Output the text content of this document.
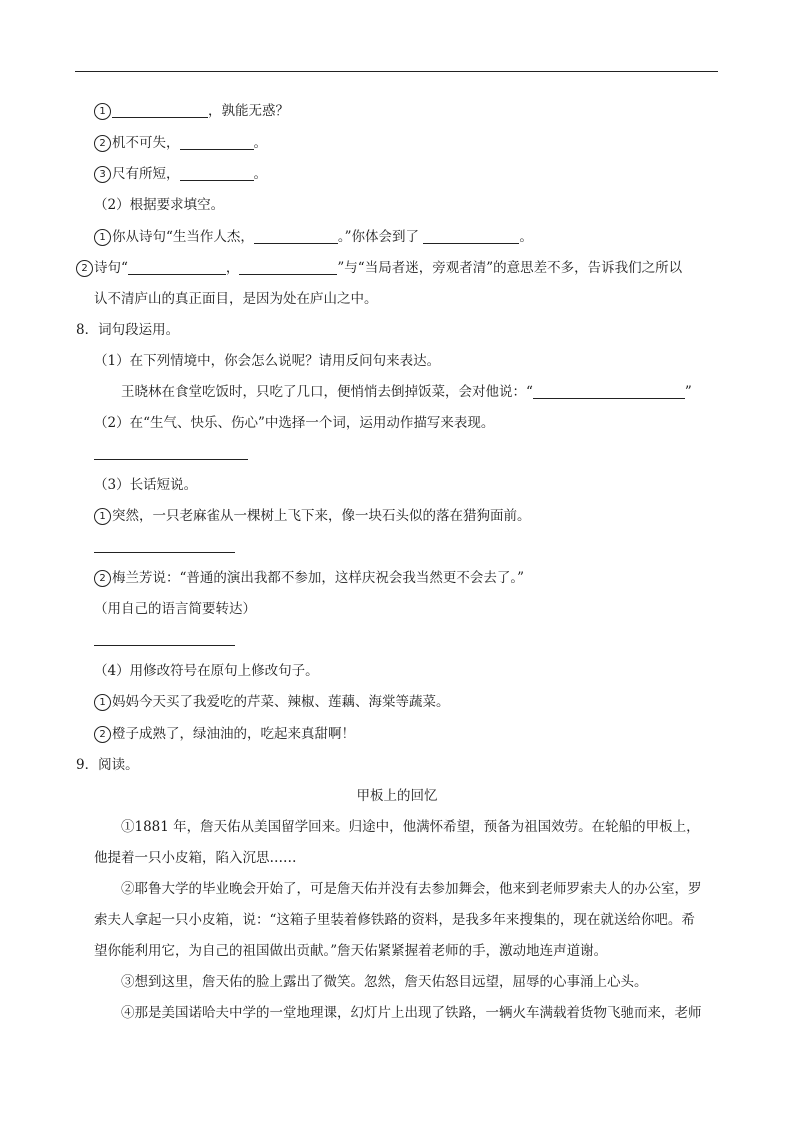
1	，孰能无惑？
2 机不可失，	。
3 尺有所短，	。
（2）根据要求填空。
1 你从诗句“生当作人杰，	。”你体会到了	。
2 诗句“	，	”与“当局者迷，旁观者清”的意思差不多，告诉我们之所以
认不清庐山的真正面目，是因为处在庐山之中。
8．词句段运用。
（1）在下列情境中，你会怎么说呢？请用反问句来表达。
王晓林在食堂吃饭时，只吃了几口，便悄悄去倒掉饭菜，会对他说：“	”
（2）在“生气、快乐、伤心”中选择一个词，运用动作描写来表现。
（3）长话短说。
1 突然，一只老麻雀从一棵树上飞下来，像一块石头似的落在猎狗面前。
2 梅兰芳说：“普通的演出我都不参加，这样庆祝会我当然更不会去了。”
（用自己的语言简要转达）
（4）用修改符号在原句上修改句子。
1 妈妈今天买了我爱吃的芹菜、辣椒、莲藕、海棠等蔬菜。
2 橙子成熟了，绿油油的，吃起来真甜啊！
9．阅读。
甲板上的回忆
①1881 年，詹天佑从美国留学回来。归途中，他满怀希望，预备为祖国效劳。在轮船的甲板上，
他提着一只小皮箱，陷入沉思……
②耶鲁大学的毕业晚会开始了，可是詹天佑并没有去参加舞会，他来到老师罗索夫人的办公室，罗
索夫人拿起一只小皮箱，说：“这箱子里装着修铁路的资料，是我多年来搜集的，现在就送给你吧。希
望你能利用它，为自己的祖国做出贡献。”詹天佑紧紧握着老师的手，激动地连声道谢。
③想到这里，詹天佑的脸上露出了微笑。忽然，詹天佑怒目远望，屈辱的心事涌上心头。
④那是美国诺哈夫中学的一堂地理课，幻灯片上出现了铁路，一辆火车满载着货物飞驰而来，老师
